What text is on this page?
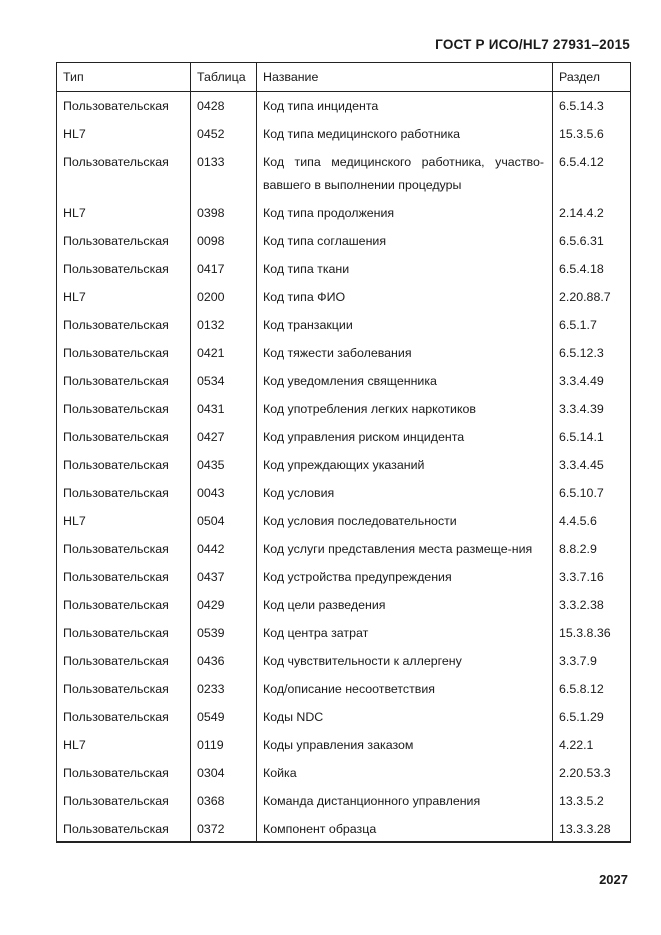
ГОСТ Р ИСО/HL7 27931–2015
Тип	Таблица	Название	Раздел
Пользовательская	0428	Код типа инцидента	6.5.14.3
HL7	0452	Код типа медицинского работника	15.3.5.6
Пользовательская	0133	Код типа медицинского работника, участво-вавшего в выполнении процедуры	6.5.4.12
HL7	0398	Код типа продолжения	2.14.4.2
Пользовательская	0098	Код типа соглашения	6.5.6.31
Пользовательская	0417	Код типа ткани	6.5.4.18
HL7	0200	Код типа ФИО	2.20.88.7
Пользовательская	0132	Код транзакции	6.5.1.7
Пользовательская	0421	Код тяжести заболевания	6.5.12.3
Пользовательская	0534	Код уведомления священника	3.3.4.49
Пользовательская	0431	Код употребления легких наркотиков	3.3.4.39
Пользовательская	0427	Код управления риском инцидента	6.5.14.1
Пользовательская	0435	Код упреждающих указаний	3.3.4.45
Пользовательская	0043	Код условия	6.5.10.7
HL7	0504	Код условия последовательности	4.4.5.6
Пользовательская	0442	Код услуги представления места размеще-ния	8.8.2.9
Пользовательская	0437	Код устройства предупреждения	3.3.7.16
Пользовательская	0429	Код цели разведения	3.3.2.38
Пользовательская	0539	Код центра затрат	15.3.8.36
Пользовательская	0436	Код чувствительности к аллергену	3.3.7.9
Пользовательская	0233	Код/описание несоответствия	6.5.8.12
Пользовательская	0549	Коды NDC	6.5.1.29
HL7	0119	Коды управления заказом	4.22.1
Пользовательская	0304	Койка	2.20.53.3
Пользовательская	0368	Команда дистанционного управления	13.3.5.2
Пользовательская	0372	Компонент образца	13.3.3.28
2027
